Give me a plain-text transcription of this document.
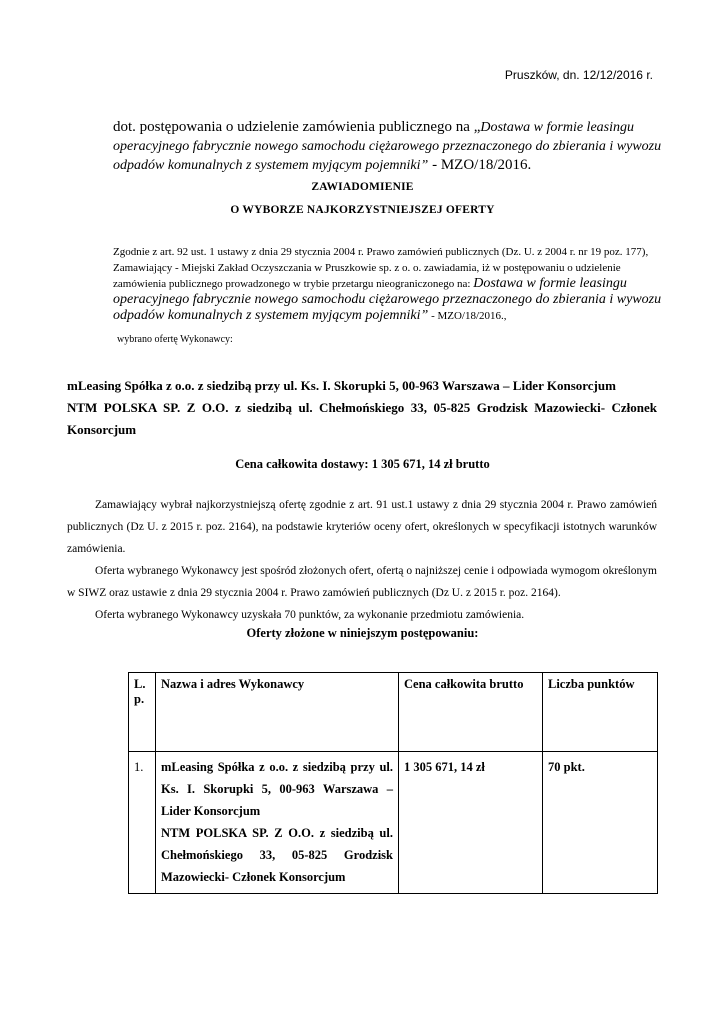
Pruszków, dn. 12/12/2016 r.
dot. postępowania o udzielenie zamówienia publicznego na „Dostawa w formie leasingu operacyjnego fabrycznie nowego samochodu ciężarowego przeznaczonego do zbierania i wywozu odpadów komunalnych z systemem myjącym pojemniki” - MZO/18/2016.
ZAWIADOMIENIE
O WYBORZE NAJKORZYSTNIEJSZEJ OFERTY
Zgodnie z art. 92 ust. 1 ustawy z dnia 29 stycznia 2004 r. Prawo zamówień publicznych (Dz. U. z 2004 r. nr 19 poz. 177), Zamawiający - Miejski Zakład Oczyszczania w Pruszkowie sp. z o. o. zawiadamia, iż w postępowaniu o udzielenie zamówienia publicznego prowadzonego w trybie przetargu nieograniczonego na: Dostawa w formie leasingu operacyjnego fabrycznie nowego samochodu ciężarowego przeznaczonego do zbierania i wywozu odpadów komunalnych z systemem myjącym pojemniki” - MZO/18/2016.,
wybrano ofertę Wykonawcy:
mLeasing Spółka z o.o. z siedzibą przy ul. Ks. I. Skorupki 5, 00-963 Warszawa – Lider Konsorcjum
NTM POLSKA SP. Z O.O. z siedzibą ul. Chełmońskiego 33, 05-825 Grodzisk Mazowiecki- Członek Konsorcjum
Cena całkowita dostawy: 1 305 671, 14 zł brutto

Zamawiający wybrał najkorzystniejszą ofertę zgodnie z art. 91 ust.1 ustawy z dnia 29 stycznia 2004 r. Prawo zamówień publicznych (Dz U. z 2015 r. poz. 2164), na podstawie kryteriów oceny ofert, określonych w specyfikacji istotnych warunków zamówienia.

Oferta wybranego Wykonawcy jest spośród złożonych ofert, ofertą o najniższej cenie i odpowiada wymogom określonym w SIWZ oraz ustawie z dnia 29 stycznia 2004 r. Prawo zamówień publicznych (Dz U. z 2015 r. poz. 2164).

Oferta wybranego Wykonawcy uzyskała 70 punktów, za wykonanie przedmiotu zamówienia.

Oferty złożone w niniejszym postępowaniu:
L. p.	Nazwa i adres Wykonawcy	Cena całkowita brutto	Liczba punktów
1.	mLeasing Spółka z o.o. z siedzibą przy ul. Ks. I. Skorupki 5, 00-963 Warszawa – Lider Konsorcjum
NTM POLSKA SP. Z O.O. z siedzibą ul. Chełmońskiego 33, 05-825 Grodzisk Mazowiecki- Członek Konsorcjum	1 305 671, 14 zł	70 pkt.
